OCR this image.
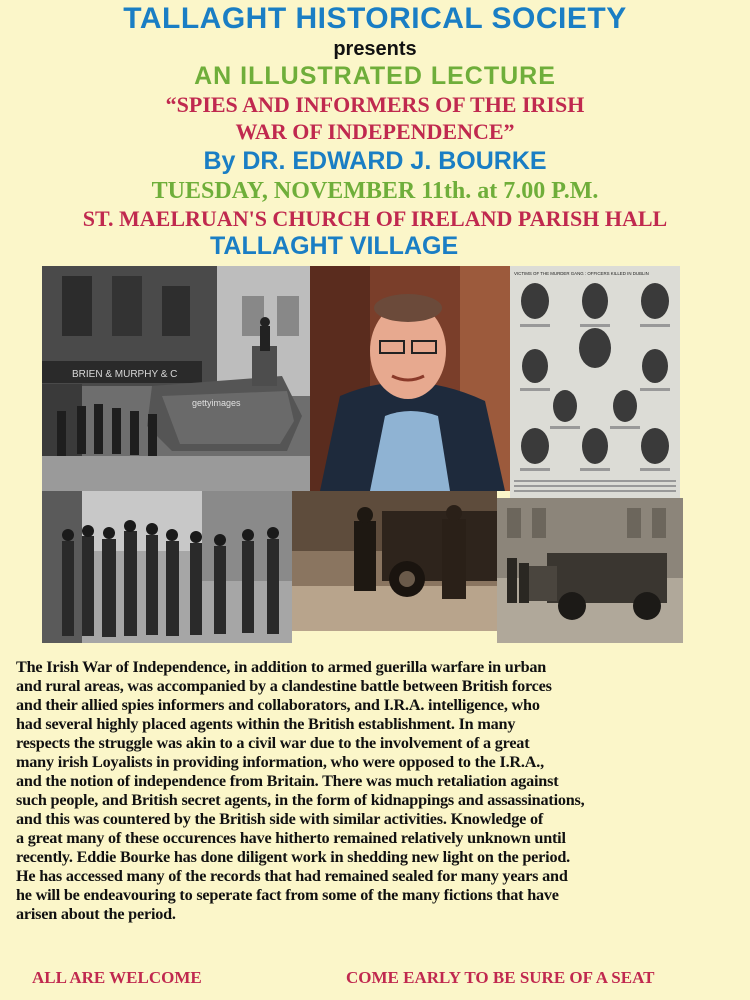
TALLAGHT HISTORICAL SOCIETY
presents
AN ILLUSTRATED LECTURE
“SPIES AND INFORMERS OF THE IRISH
WAR OF INDEPENDENCE”
By DR. EDWARD J. BOURKE
TUESDAY, NOVEMBER 11th. at 7.00 P.M.
ST. MAELRUAN'S CHURCH OF IRELAND PARISH HALL
TALLAGHT VILLAGE
BRIEN & MURPHY & C
gettyimages
VICTIMS OF THE MURDER GANG : OFFICERS KILLED IN DUBLIN
The Irish War of Independence, in addition to armed guerilla warfare in urban
and rural areas, was accompanied by a clandestine battle between British forces
and their allied spies informers and collaborators, and I.R.A. intelligence, who
had several highly placed agents within the British establishment. In many
respects the struggle was akin to a civil war due to the involvement of a great
many irish Loyalists in providing information, who were opposed to the I.R.A.,
and the notion of independence from Britain. There was much retaliation against
such people, and British secret agents, in the form of kidnappings and assassinations,
and this was countered by the British side with similar activities. Knowledge of
a great many of these occurences have hitherto remained relatively unknown until
recently. Eddie Bourke has done diligent work in shedding new light on the period.
He has accessed many of the records that had remained sealed for many years and
he will be endeavouring to seperate fact from some of the many fictions that have
arisen about the period.
ALL ARE WELCOME	COME EARLY TO BE SURE OF A SEAT
